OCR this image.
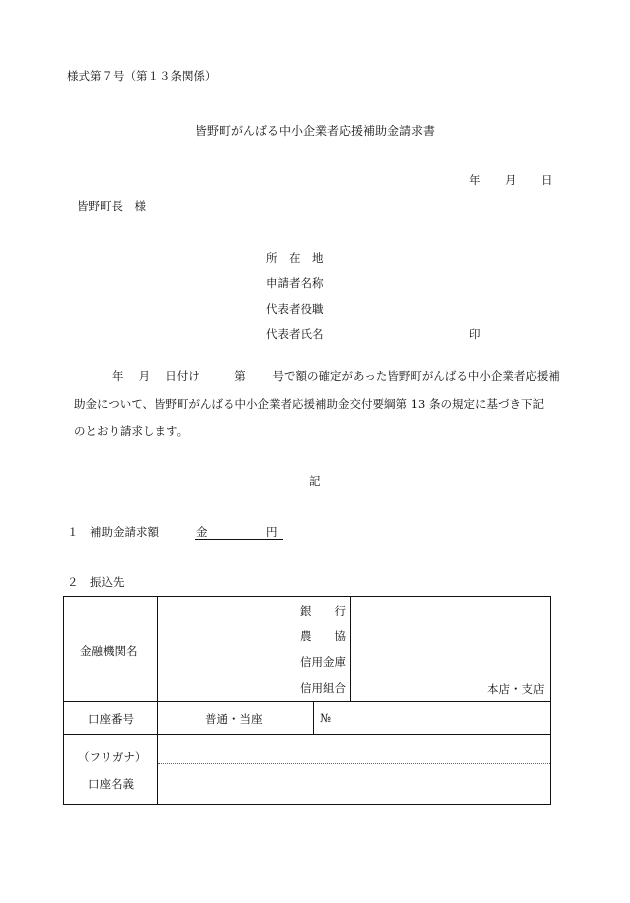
様式第７号（第１３条関係）
皆野町がんばる中小企業者応援補助金請求書
年 月 日
皆野町長　様
所　在　地
申請者名称
代表者役職
代表者氏名	印
年　 月　 日付け　　　第　　 号で額の確定があった皆野町がんばる中小企業者応援補
助金について、皆野町がんばる中小企業者応援補助金交付要綱第 13 条の規定に基づき下記
のとおり請求します。
記
１　補助金請求額	金	円
２　振込先
金融機関名
銀　　行
農　　協
信用金庫
信用組合	本店・支店
口座番号	普通・当座	№
（フリガナ）
口座名義
